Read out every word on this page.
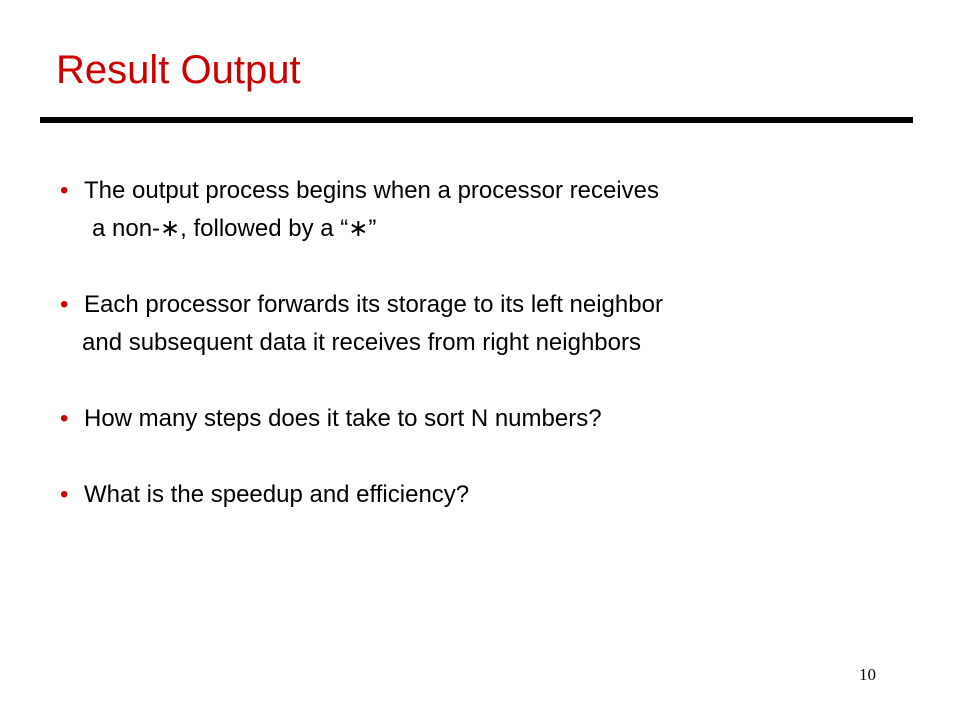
Result Output
• The output process begins when a processor receives
a non-∗, followed by a “∗”
• Each processor forwards its storage to its left neighbor
and subsequent data it receives from right neighbors
• How many steps does it take to sort N numbers?
• What is the speedup and efficiency?
10
